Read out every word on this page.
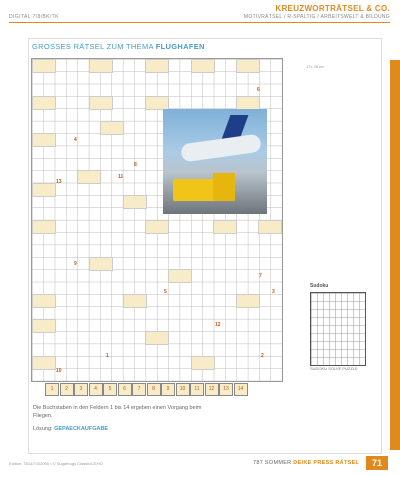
KREUZWORTRÄTSEL & CO.
DIGITAL 7/8/BK/TK	MOTIVRÄTSEL / R-SPALTIG / ARBEITSWELT & BILDUNG
GROSSES RÄTSEL ZUM THEMA FLUGHAFEN
17x 26 cm
6
4
11
8
13
9
7
5	3
12
1	2
10
1	2	3	4	5	6	7	8	9	10	11	12	13	14
Die Buchstaben in den Feldern 1 bis 14 ergeben einen Vorgang beim Fliegen.
Lösung: GEPAECKAUFGABE
Sudoku
SUDOKU SOLVE PUZZLE
Edition: 7814/7/3/2000 • © Sugarbugs Classic/CEHO	787 SOMMER DEIKE PRESS RÄTSEL	71
